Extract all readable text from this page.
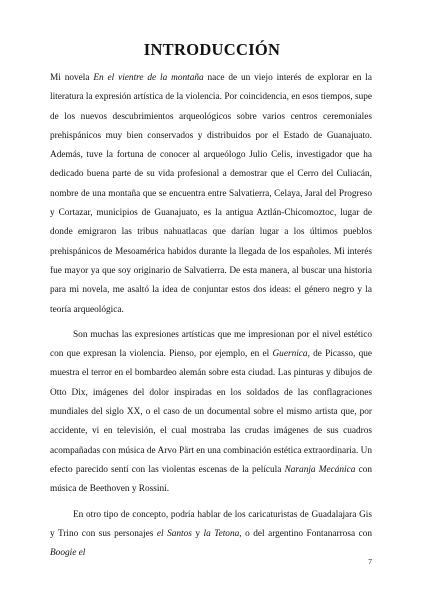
INTRODUCCIÓN

Mi novela En el vientre de la montaña nace de un viejo interés de explorar en la literatura la expresión artística de la violencia. Por coincidencia, en esos tiempos, supe de los nuevos descubrimientos arqueológicos sobre varios centros ceremoniales prehispánicos muy bien conservados y distribuidos por el Estado de Guanajuato. Además, tuve la fortuna de conocer al arqueólogo Julio Celis, investigador que ha dedicado buena parte de su vida profesional a demostrar que el Cerro del Culiacán, nombre de una montaña que se encuentra entre Salvatierra, Celaya, Jaral del Progreso y Cortazar, municipios de Guanajuato, es la antigua Aztlán-Chicomoztoc, lugar de donde emigraron las tribus nahuatlacas que darían lugar a los últimos pueblos prehispánicos de Mesoamérica habidos durante la llegada de los españoles. Mi interés fue mayor ya que soy originario de Salvatierra. De esta manera, al buscar una historia para mi novela, me asaltó la idea de conjuntar estos dos ideas: el género negro y la teoría arqueológica.

Son muchas las expresiones artísticas que me impresionan por el nivel estético con que expresan la violencia. Pienso, por ejemplo, en el Guernica, de Picasso, que muestra el terror en el bombardeo alemán sobre esta ciudad. Las pinturas y dibujos de Otto Dix, imágenes del dolor inspiradas en los soldados de las conflagraciones mundiales del siglo XX, o el caso de un documental sobre el mismo artista que, por accidente, vi en televisión, el cual mostraba las crudas imágenes de sus cuadros acompañadas con música de Arvo Pärt en una combinación estética extraordinaria. Un efecto parecido sentí con las violentas escenas de la película Naranja Mecánica con música de Beethoven y Rossini.

En otro tipo de concepto, podría hablar de los caricaturistas de Guadalajara Gis y Trino con sus personajes el Santos y la Tetona, o del argentino Fontanarrosa con Boogie el

7
